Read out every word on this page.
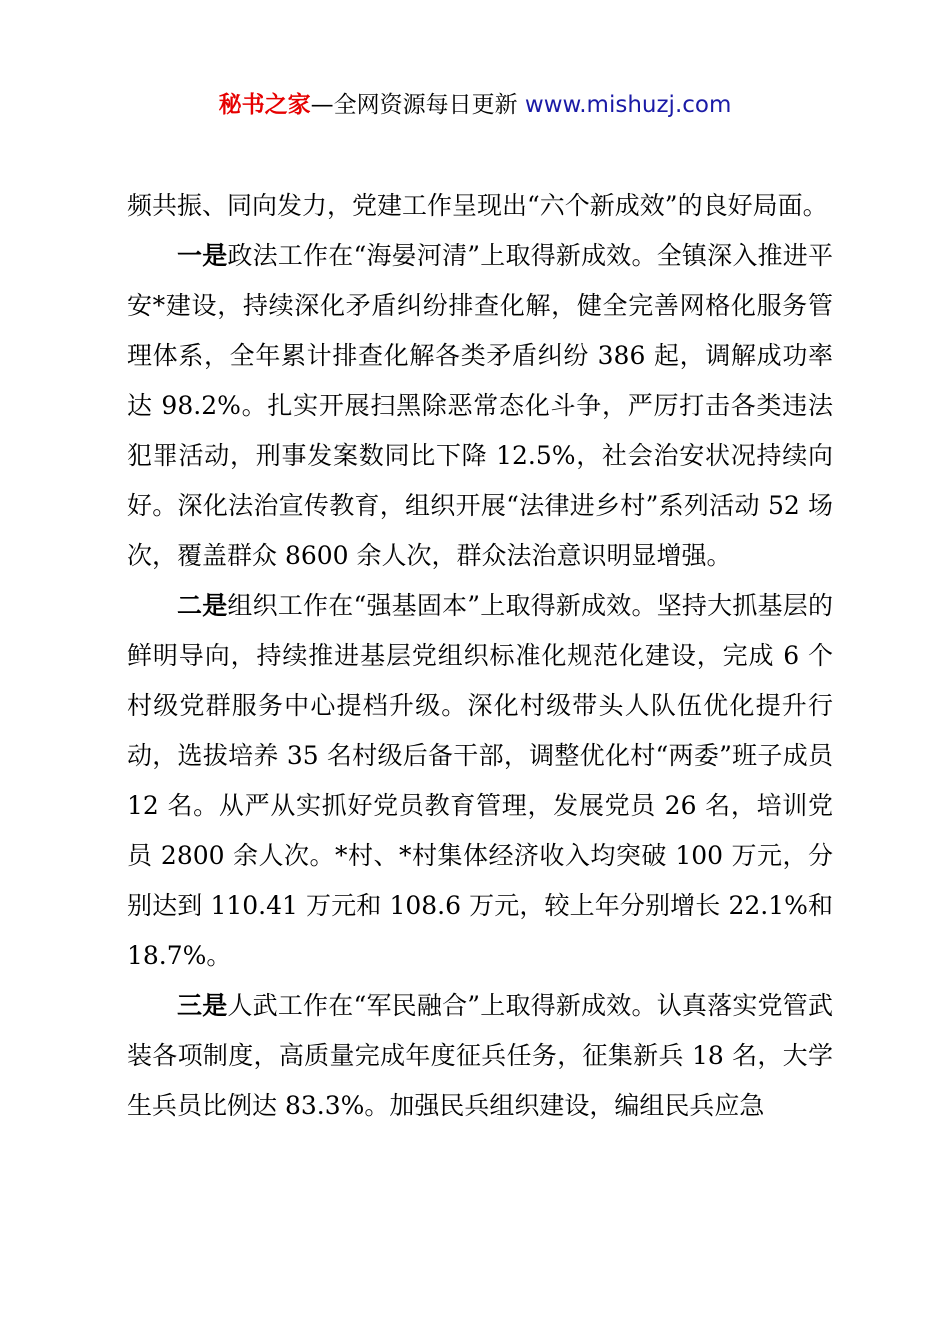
秘书之家—全网资源每日更新 www.mishuzj.com

频共振、同向发力，党建工作呈现出“六个新成效”的良好局面。

一是政法工作在“海晏河清”上取得新成效。全镇深入推进平安*建设，持续深化矛盾纠纷排查化解，健全完善网格化服务管理体系，全年累计排查化解各类矛盾纠纷 386 起，调解成功率达 98.2%。扎实开展扫黑除恶常态化斗争，严厉打击各类违法犯罪活动，刑事发案数同比下降 12.5%，社会治安状况持续向好。深化法治宣传教育，组织开展“法律进乡村”系列活动 52 场次，覆盖群众 8600 余人次，群众法治意识明显增强。

二是组织工作在“强基固本”上取得新成效。坚持大抓基层的鲜明导向，持续推进基层党组织标准化规范化建设，完成 6 个村级党群服务中心提档升级。深化村级带头人队伍优化提升行动，选拔培养 35 名村级后备干部，调整优化村“两委”班子成员 12 名。从严从实抓好党员教育管理，发展党员 26 名，培训党员 2800 余人次。*村、*村集体经济收入均突破 100 万元，分别达到 110.41 万元和 108.6 万元，较上年分别增长 22.1%和 18.7%。

三是人武工作在“军民融合”上取得新成效。认真落实党管武装各项制度，高质量完成年度征兵任务，征集新兵 18 名，大学生兵员比例达 83.3%。加强民兵组织建设，编组民兵应急
